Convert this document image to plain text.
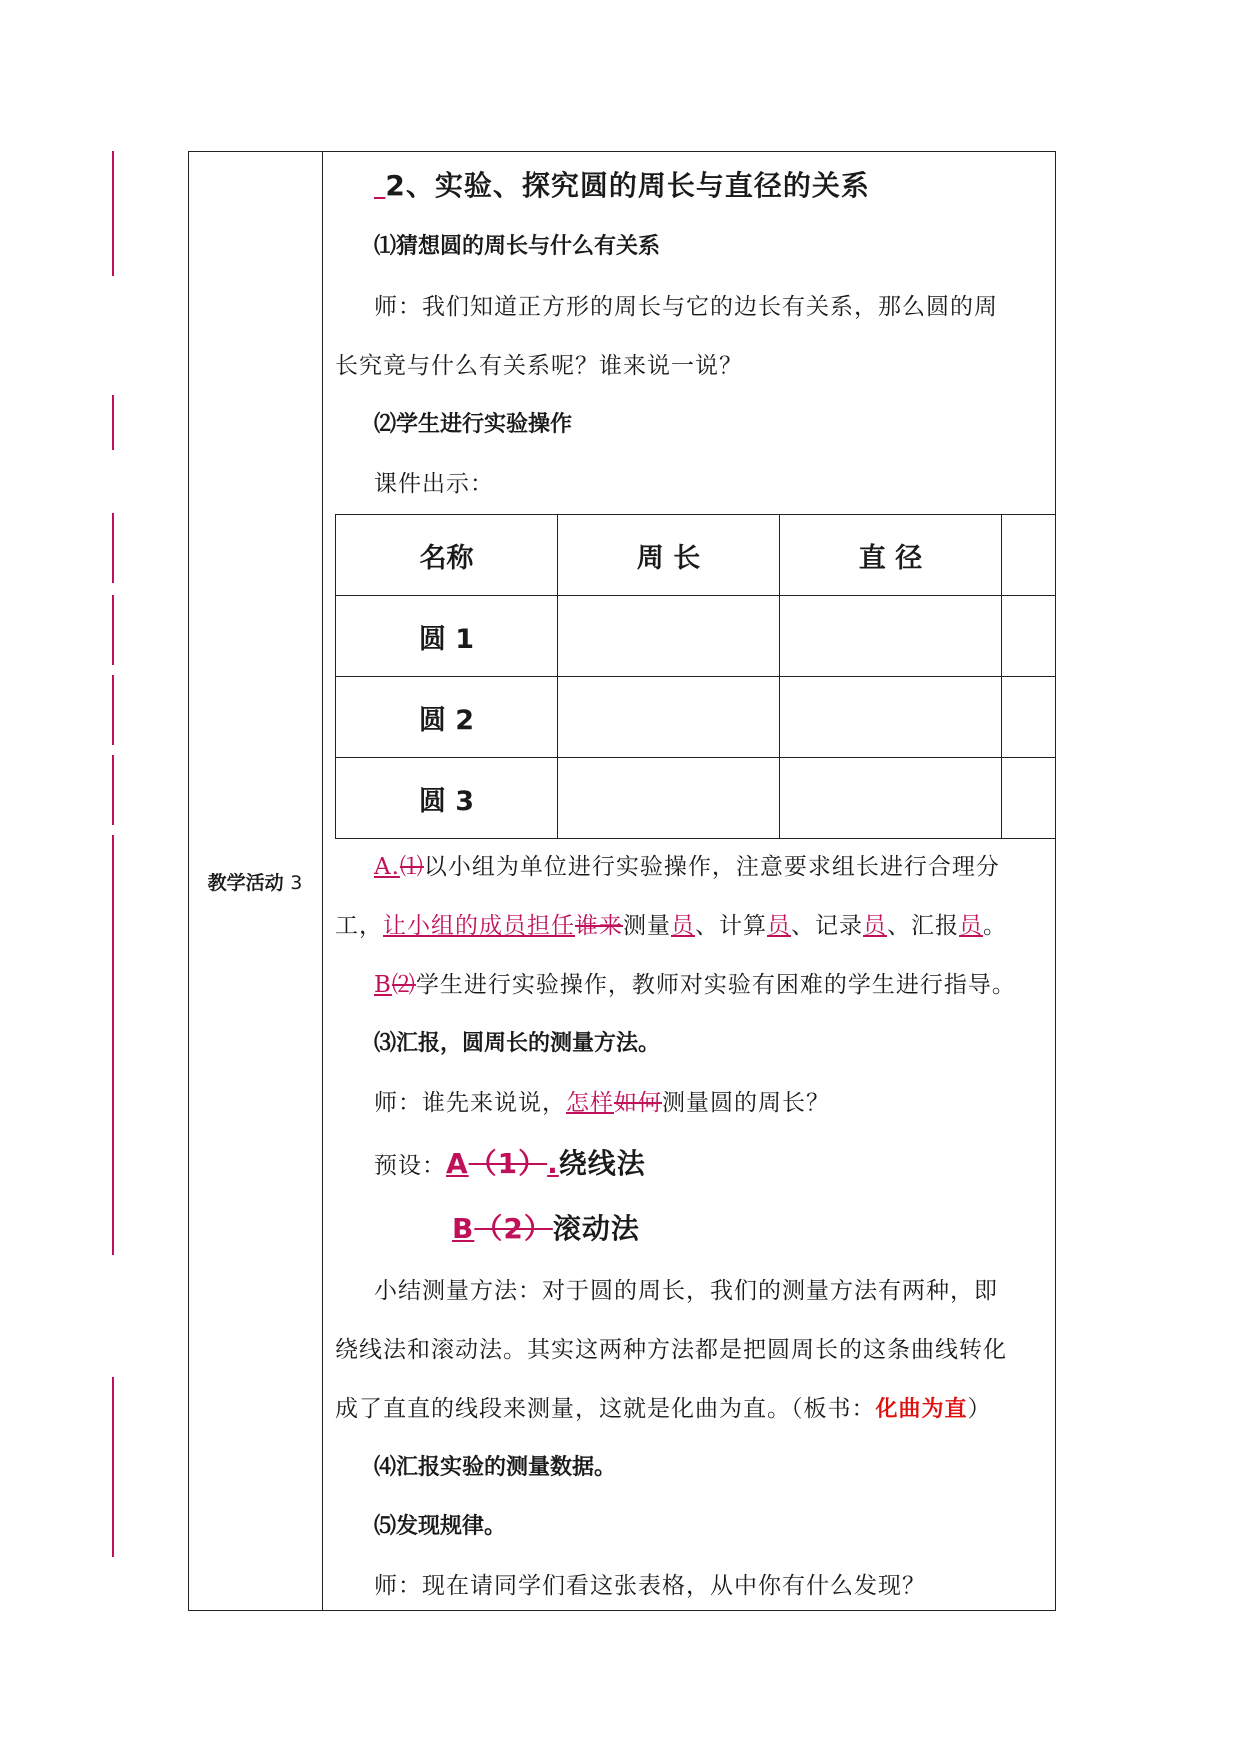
教学活动 3
   2、实验、探究圆的周长与直径的关系
⑴猜想圆的周长与什么有关系
师：我们知道正方形的周长与它的边长有关系，那么圆的周
长究竟与什么有关系呢？谁来说一说？
⑵学生进行实验操作
课件出示：
名称	周 长	直 径	
圆 1			
圆 2			
圆 3			
A.⑴以小组为单位进行实验操作，注意要求组长进行合理分
工，让小组的成员担任谁来测量员、计算员、记录员、汇报员。
B⑵学生进行实验操作，教师对实验有困难的学生进行指导。
⑶汇报，圆周长的测量方法。
师：谁先来说说，怎样如何测量圆的周长？
预设：A（1）.绕线法
B（2）滚动法
小结测量方法：对于圆的周长，我们的测量方法有两种，即
绕线法和滚动法。其实这两种方法都是把圆周长的这条曲线转化
成了直直的线段来测量，这就是化曲为直。（板书：化曲为直）
⑷汇报实验的测量数据。
⑸发现规律。
师：现在请同学们看这张表格，从中你有什么发现？
